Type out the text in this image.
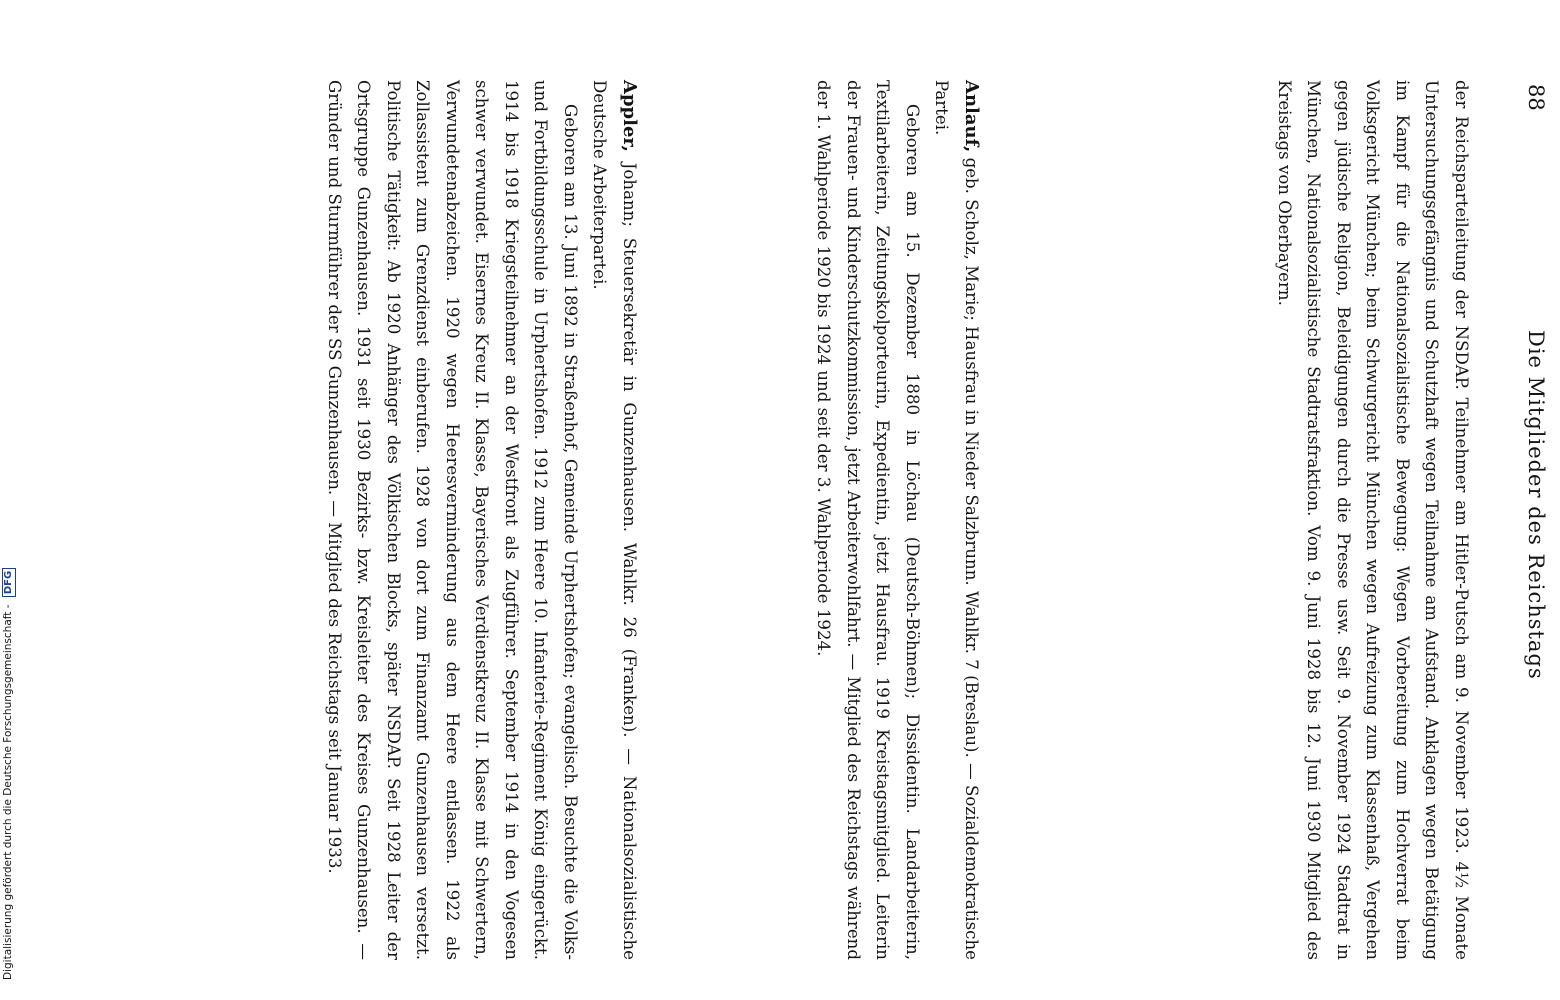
88
Die Mitglieder des Reichstags

der Reichsparteileitung der NSDAP. Teilnehmer am Hitler-Putsch am 9. November 1923. 4½ Monate Untersuchungsgefängnis und Schutzhaft wegen Teilnahme am Aufstand. Anklagen wegen Betätigung im Kampf für die Nationalsozialistische Bewegung: Wegen Vorbereitung zum Hochverrat beim Volksgericht München; beim Schwurgericht München wegen Aufreizung zum Klassenhaß, Vergehen gegen jüdische Religion, Beleidigungen durch die Presse usw. Seit 9. November 1924 Stadtrat in München, Nationalsozialistische Stadtratsfraktion. Vom 9. Juni 1928 bis 12. Juni 1930 Mitglied des Kreistags von Oberbayern.

Anlauf, geb. Scholz, Marie; Hausfrau in Nieder Salzbrunn. Wahlkr. 7 (Breslau). — Sozialdemokratische Partei.

Geboren am 15. Dezember 1880 in Löchau (Deutsch-Böhmen); Dissidentin. Landarbeiterin, Textilarbeiterin, Zeitungskolporteurin, Expedientin, jetzt Hausfrau. 1919 Kreistagsmitglied. Leiterin der Frauen- und Kinderschutzkommission, jetzt Arbeiterwohlfahrt. — Mitglied des Reichstags während der 1. Wahlperiode 1920 bis 1924 und seit der 3. Wahlperiode 1924.

Appler, Johann; Steuersekretär in Gunzenhausen. Wahlkr. 26 (Franken). — Nationalsozialistische Deutsche Arbeiterpartei.

Geboren am 13. Juni 1892 in Straßenhof, Gemeinde Urphertshofen; evangelisch. Besuchte die Volks- und Fortbildungsschule in Urphertshofen. 1912 zum Heere 10. Infanterie-Regiment König eingerückt. 1914 bis 1918 Kriegsteilnehmer an der Westfront als Zugführer. September 1914 in den Vogesen schwer verwundet. Eisernes Kreuz II. Klasse, Bayerisches Verdienstkreuz II. Klasse mit Schwertern, Verwundetenabzeichen. 1920 wegen Heeresverminderung aus dem Heere entlassen. 1922 als Zollassistent zum Grenzdienst einberufen. 1928 von dort zum Finanzamt Gunzenhausen versetzt. Politische Tätigkeit: Ab 1920 Anhänger des Völkischen Blocks, später NSDAP. Seit 1928 Leiter der Ortsgruppe Gunzenhausen. 1931 seit 1930 Bezirks- bzw. Kreisleiter des Kreises Gunzenhausen. — Gründer und Sturmführer der SS Gunzenhausen. — Mitglied des Reichstags seit Januar 1933.

Digitalisierung gefördert durch die Deutsche Forschungsgemeinschaft - DFG
